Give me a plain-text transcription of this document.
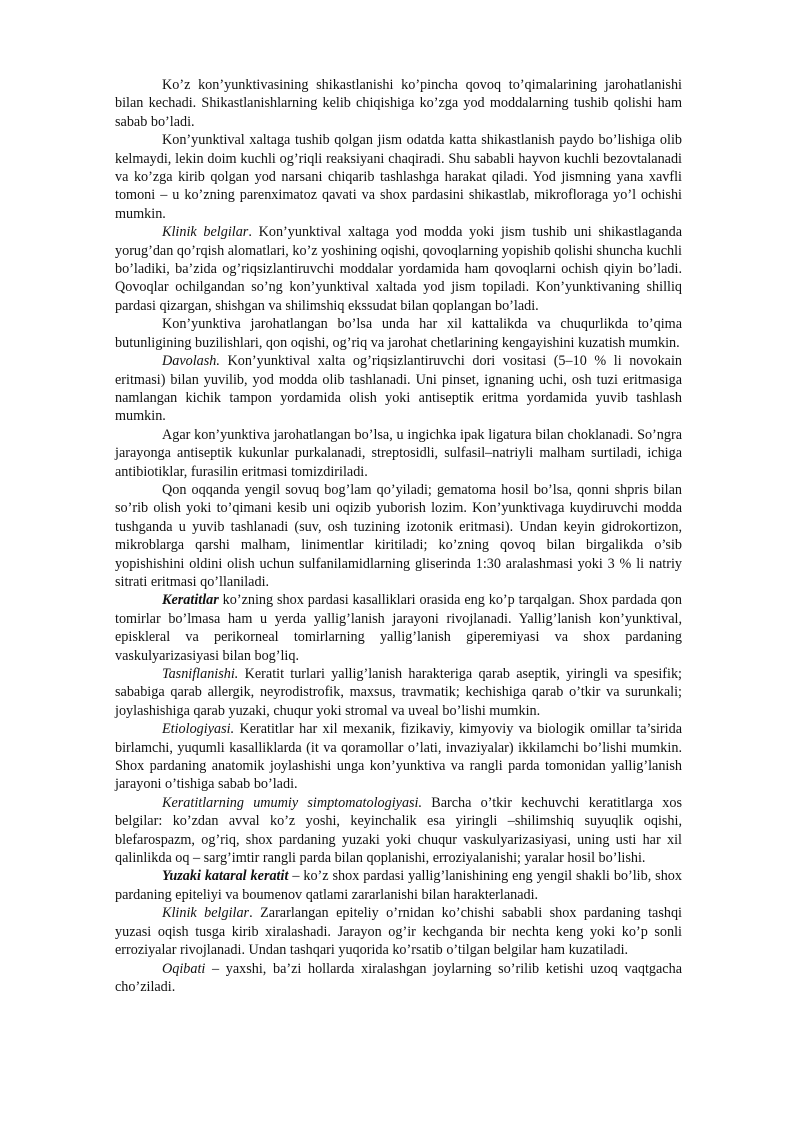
Ko’z kon’yunktivasining shikastlanishi ko’pincha qovoq to’qimalarining jarohatlanishi bilan kechadi. Shikastlanishlarning kelib chiqishiga ko’zga yod moddalarning tushib qolishi ham sabab bo’ladi.

Kon’yunktival xaltaga tushib qolgan jism odatda katta shikastlanish paydo bo’lishiga olib kelmaydi, lekin doim kuchli og’riqli reaksiyani chaqiradi. Shu sababli hayvon kuchli bezovtalanadi va ko’zga kirib qolgan yod narsani chiqarib tashlashga harakat qiladi. Yod jismning yana xavfli tomoni – u ko’zning parenximatoz qavati va shox pardasini shikastlab, mikrofloraga yo’l ochishi mumkin.

Klinik belgilar. Kon’yunktival xaltaga yod modda yoki jism tushib uni shikastlaganda yorug’dan qo’rqish alomatlari, ko’z yoshining oqishi, qovoqlarning yopishib qolishi shuncha kuchli bo’ladiki, ba’zida og’riqsizlantiruvchi moddalar yordamida ham qovoqlarni ochish qiyin bo’ladi. Qovoqlar ochilgandan so’ng kon’yunktival xaltada yod jism topiladi. Kon’yunktivaning shilliq pardasi qizargan, shishgan va shilimshiq ekssudat bilan qoplangan bo’ladi.

Kon’yunktiva jarohatlangan bo’lsa unda har xil kattalikda va chuqurlikda to’qima butunligining buzilishlari, qon oqishi, og’riq va jarohat chetlarining kengayishini kuzatish mumkin.

Davolash. Kon’yunktival xalta og’riqsizlantiruvchi dori vositasi (5–10 % li novokain eritmasi) bilan yuvilib, yod modda olib tashlanadi. Uni pinset, ignaning uchi, osh tuzi eritmasiga namlangan kichik tampon yordamida olish yoki antiseptik eritma yordamida yuvib tashlash mumkin.

Agar kon’yunktiva jarohatlangan bo’lsa, u ingichka ipak ligatura bilan choklanadi. So’ngra jarayonga antiseptik kukunlar purkalanadi, streptosidli, sulfasil–natriyli malham surtiladi, ichiga antibiotiklar, furasilin eritmasi tomizdiriladi.

Qon oqqanda yengil sovuq bog’lam qo’yiladi; gematoma hosil bo’lsa, qonni shpris bilan so’rib olish yoki to’qimani kesib uni oqizib yuborish lozim. Kon’yunktivaga kuydiruvchi modda tushganda u yuvib tashlanadi (suv, osh tuzining izotonik eritmasi). Undan keyin gidrokortizon, mikroblarga qarshi malham, linimentlar kiritiladi; ko’zning qovoq bilan birgalikda o’sib yopishishini oldini olish uchun sulfanilamidlarning gliserinda 1:30 aralashmasi yoki 3 % li natriy sitrati eritmasi qo’llaniladi.

Keratitlar ko’zning shox pardasi kasalliklari orasida eng ko’p tarqalgan. Shox pardada qon tomirlar bo’lmasa ham u yerda yallig’lanish jarayoni rivojlanadi. Yallig’lanish kon’yunktival, episkleral va perikorneal tomirlarning yallig’lanish giperemiyasi va shox pardaning vaskulyarizasiyasi bilan bog’liq.

Tasniflanishi. Keratit turlari yallig’lanish harakteriga qarab aseptik, yiringli va spesifik; sababiga qarab allergik, neyrodistrofik, maxsus, travmatik; kechishiga qarab o’tkir va surunkali; joylashishiga qarab yuzaki, chuqur yoki stromal va uveal bo’lishi mumkin.

Etiologiyasi. Keratitlar har xil mexanik, fizikaviy, kimyoviy va biologik omillar ta’sirida birlamchi, yuqumli kasalliklarda (it va qoramollar o’lati, invaziyalar) ikkilamchi bo’lishi mumkin. Shox pardaning anatomik joylashishi unga kon’yunktiva va rangli parda tomonidan yallig’lanish jarayoni o’tishiga sabab bo’ladi.

Keratitlarning umumiy simptomatologiyasi. Barcha o’tkir kechuvchi keratitlarga xos belgilar: ko’zdan avval ko’z yoshi, keyinchalik esa yiringli –shilimshiq suyuqlik oqishi, blefarospazm, og’riq, shox pardaning yuzaki yoki chuqur vaskulyarizasiyasi, uning usti har xil qalinlikda oq – sarg’imtir rangli parda bilan qoplanishi, erroziyalanishi; yaralar hosil bo’lishi.

Yuzaki kataral keratit – ko’z shox pardasi yallig’lanishining eng yengil shakli bo’lib, shox pardaning epiteliyi va boumenov qatlami zararlanishi bilan harakterlanadi.

Klinik belgilar. Zararlangan epiteliy o’rnidan ko’chishi sababli shox pardaning tashqi yuzasi oqish tusga kirib xiralashadi. Jarayon og’ir kechganda bir nechta keng yoki ko’p sonli erroziyalar rivojlanadi. Undan tashqari yuqorida ko’rsatib o’tilgan belgilar ham kuzatiladi.

Oqibati – yaxshi, ba’zi hollarda xiralashgan joylarning so’rilib ketishi uzoq vaqtgacha cho’ziladi.
